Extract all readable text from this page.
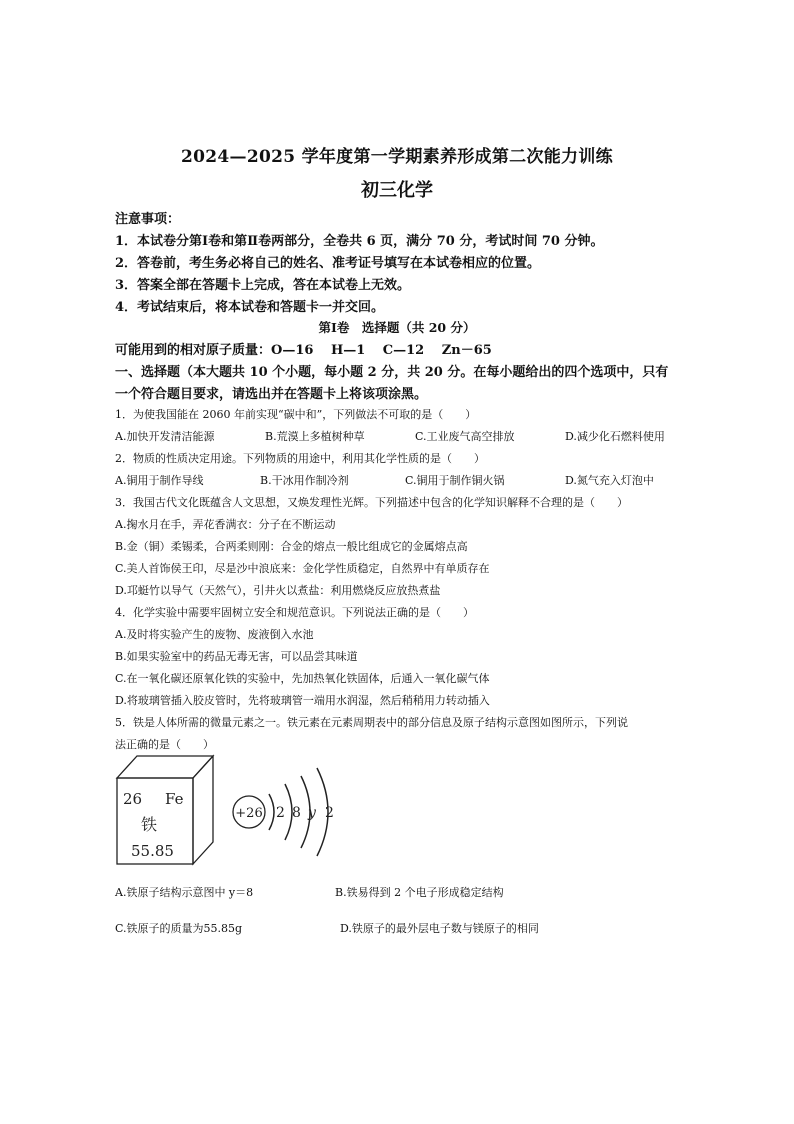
2024—2025 学年度第一学期素养形成第二次能力训练
初三化学
注意事项：
1．本试卷分第Ⅰ卷和第Ⅱ卷两部分，全卷共 6 页，满分 70 分，考试时间 70 分钟。
2．答卷前，考生务必将自己的姓名、准考证号填写在本试卷相应的位置。
3．答案全部在答题卡上完成，答在本试卷上无效。
4．考试结束后，将本试卷和答题卡一并交回。
第Ⅰ卷　选择题（共 20 分）
可能用到的相对原子质量：O—16　 H—1　 C—12　 Zn－65
一、选择题（本大题共 10 个小题，每小题 2 分，共 20 分。在每小题给出的四个选项中，只有
一个符合题目要求，请选出并在答题卡上将该项涂黑。
1．为使我国能在 2060 年前实现“碳中和”，下列做法不可取的是（　　）
A.加快开发清洁能源	B.荒漠上多植树种草	C.工业废气高空排放	D.减少化石燃料使用
2．物质的性质决定用途。下列物质的用途中，利用其化学性质的是（　　）
A.铜用于制作导线	B.干冰用作制冷剂	C.铜用于制作铜火锅	D.氮气充入灯泡中
3．我国古代文化既蕴含人文思想，又焕发理性光辉。下列描述中包含的化学知识解释不合理的是（　　）
A.掬水月在手，弄花香满衣：分子在不断运动
B.金（铜）柔锡柔，合两柔则刚：合金的熔点一般比组成它的金属熔点高
C.美人首饰侯王印，尽是沙中浪底来：金化学性质稳定，自然界中有单质存在
D.邛蜓竹以导气（天然气），引井火以煮盐：利用燃烧反应放热煮盐
4．化学实验中需要牢固树立安全和规范意识。下列说法正确的是（　　）
A.及时将实验产生的废物、废液倒入水池
B.如果实验室中的药品无毒无害，可以品尝其味道
C.在一氧化碳还原氧化铁的实验中，先加热氧化铁固体，后通入一氧化碳气体
D.将玻璃管插入胶皮管时，先将玻璃管一端用水润湿，然后稍稍用力转动插入
5．铁是人体所需的微量元素之一。铁元素在元素周期表中的部分信息及原子结构示意图如图所示，下列说
法正确的是（　　）
26 Fe
铁
55.85
+26 2 8 y 2
A.铁原子结构示意图中 y＝8	B.铁易得到 2 个电子形成稳定结构
C.铁原子的质量为55.85g	D.铁原子的最外层电子数与镁原子的相同
